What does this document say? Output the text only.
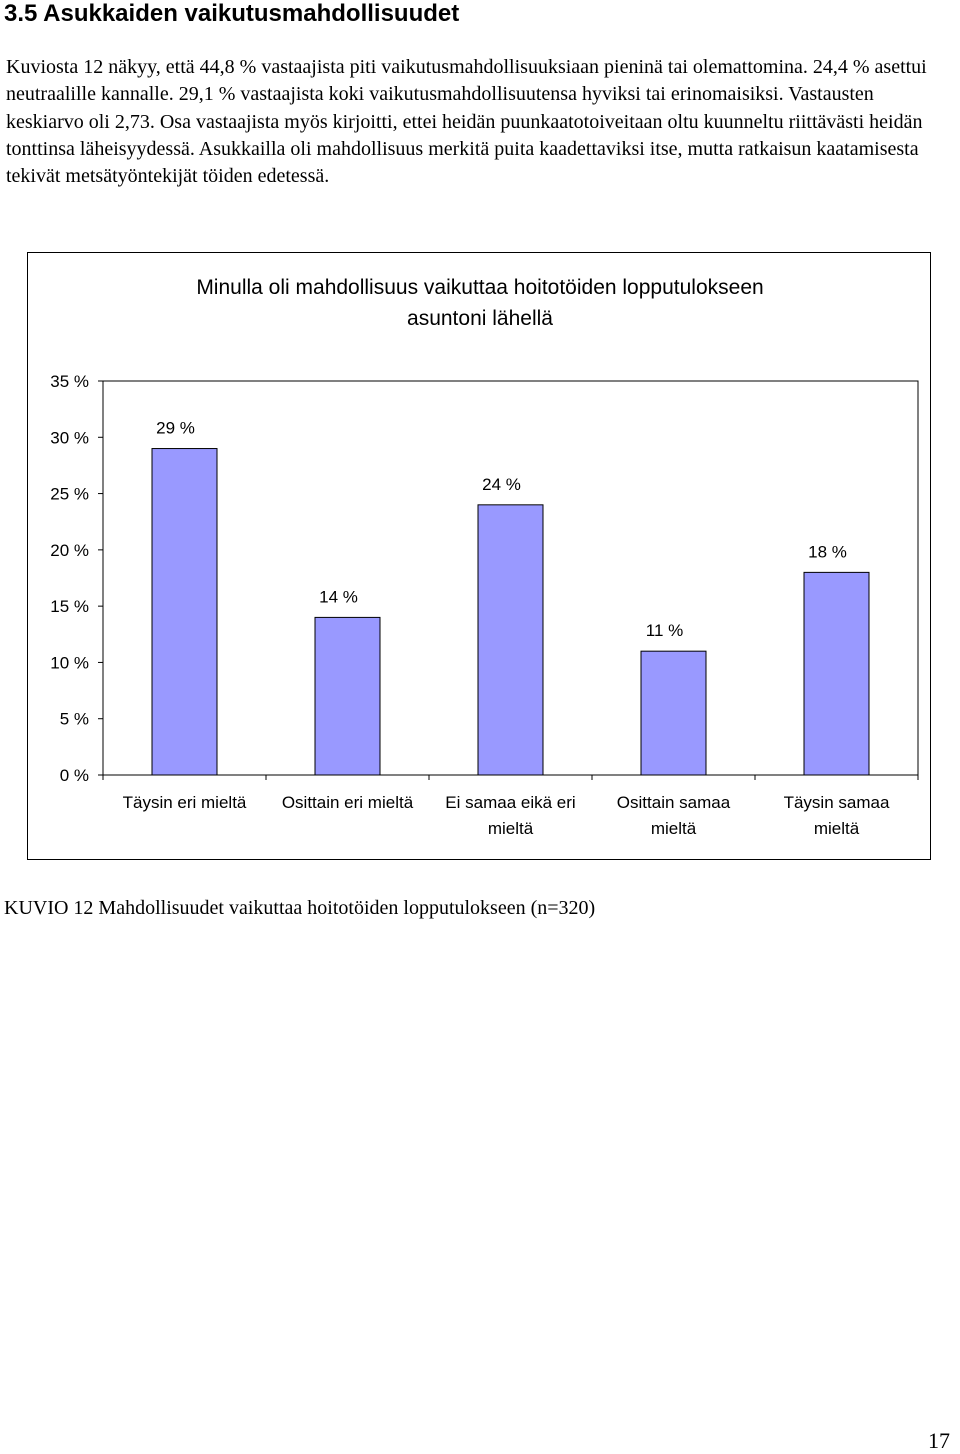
3.5 Asukkaiden vaikutusmahdollisuudet

Kuviosta 12 näkyy, että 44,8 % vastaajista piti vaikutusmahdollisuuksiaan pieninä tai olemattomina. 24,4 % asettui neutraalille kannalle. 29,1 % vastaajista koki vaikutusmahdollisuutensa hyviksi tai erinomaisiksi. Vastausten keskiarvo oli 2,73. Osa vastaajista myös kirjoitti, ettei heidän puunkaatotoiveitaan oltu kuunneltu riittävästi heidän tonttinsa läheisyydessä. Asukkailla oli mahdollisuus merkitä puita kaadettaviksi itse, mutta ratkaisun kaatamisesta tekivät metsätyöntekijät töiden edetessä.

Minulla oli mahdollisuus vaikuttaa hoitotöiden lopputulokseen
asuntoni lähellä
0 %
5 %
10 %
15 %
20 %
25 %
30 %
35 %
29 %
Täysin eri mieltä
14 %
Osittain eri mieltä
24 %
Ei samaa eikä eri
mieltä
11 %
Osittain samaa
mieltä
18 %
Täysin samaa
mieltä

KUVIO 12 Mahdollisuudet vaikuttaa hoitotöiden lopputulokseen (n=320)

17
